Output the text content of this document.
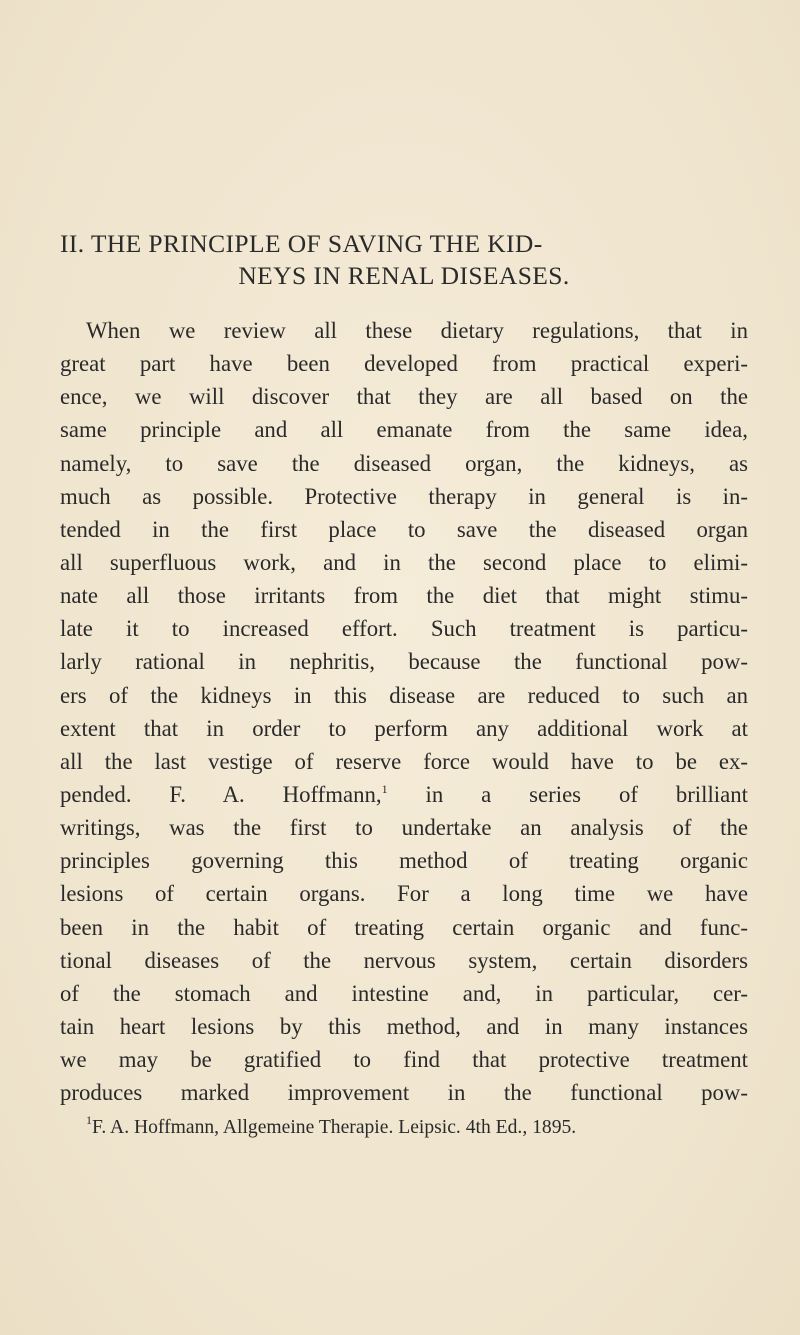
II. THE PRINCIPLE OF SAVING THE KID-
NEYS IN RENAL DISEASES.
When we review all these dietary regulations, that in
great part have been developed from practical experi-
ence, we will discover that they are all based on the
same principle and all emanate from the same idea,
namely, to save the diseased organ, the kidneys, as
much as possible. Protective therapy in general is in-
tended in the first place to save the diseased organ
all superfluous work, and in the second place to elimi-
nate all those irritants from the diet that might stimu-
late it to increased effort. Such treatment is particu-
larly rational in nephritis, because the functional pow-
ers of the kidneys in this disease are reduced to such an
extent that in order to perform any additional work at
all the last vestige of reserve force would have to be ex-
pended. F. A. Hoffmann,$^1$ in a series of brilliant
writings, was the first to undertake an analysis of the
principles governing this method of treating organic
lesions of certain organs. For a long time we have
been in the habit of treating certain organic and func-
tional diseases of the nervous system, certain disorders
of the stomach and intestine and, in particular, cer-
tain heart lesions by this method, and in many instances
we may be gratified to find that protective treatment
produces marked improvement in the functional pow-
$^1$F. A. Hoffmann, Allgemeine Therapie. Leipsic. 4th Ed., 1895.
